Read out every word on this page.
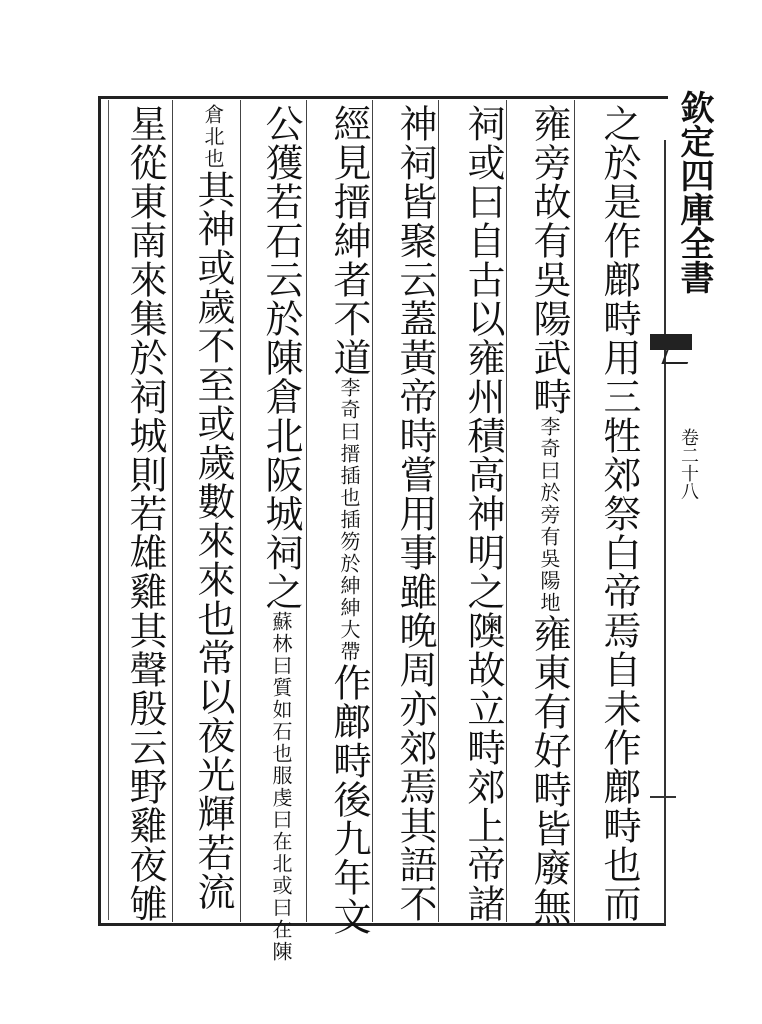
欽定四庫全書
卷二十八
之於是作鄜畤用三牲郊祭白帝焉自未作鄜畤也而
雍旁故有吳陽武畤李奇曰於旁有吳陽地雍東有好畤皆廢無
祠或曰自古以雍州積高神明之隩故立畤郊上帝諸
神祠皆聚云蓋黃帝時嘗用事雖晚周亦郊焉其語不
經見搢紳者不道李奇曰搢插也插笏於紳紳大帶作鄜畤後九年文
公獲若石云於陳倉北阪城祠之蘇林曰質如石也服虔曰在北或曰在陳
倉北也其神或歲不至或歲數來來也常以夜光輝若流
星從東南來集於祠城則若雄雞其聲殷云野雞夜雊
